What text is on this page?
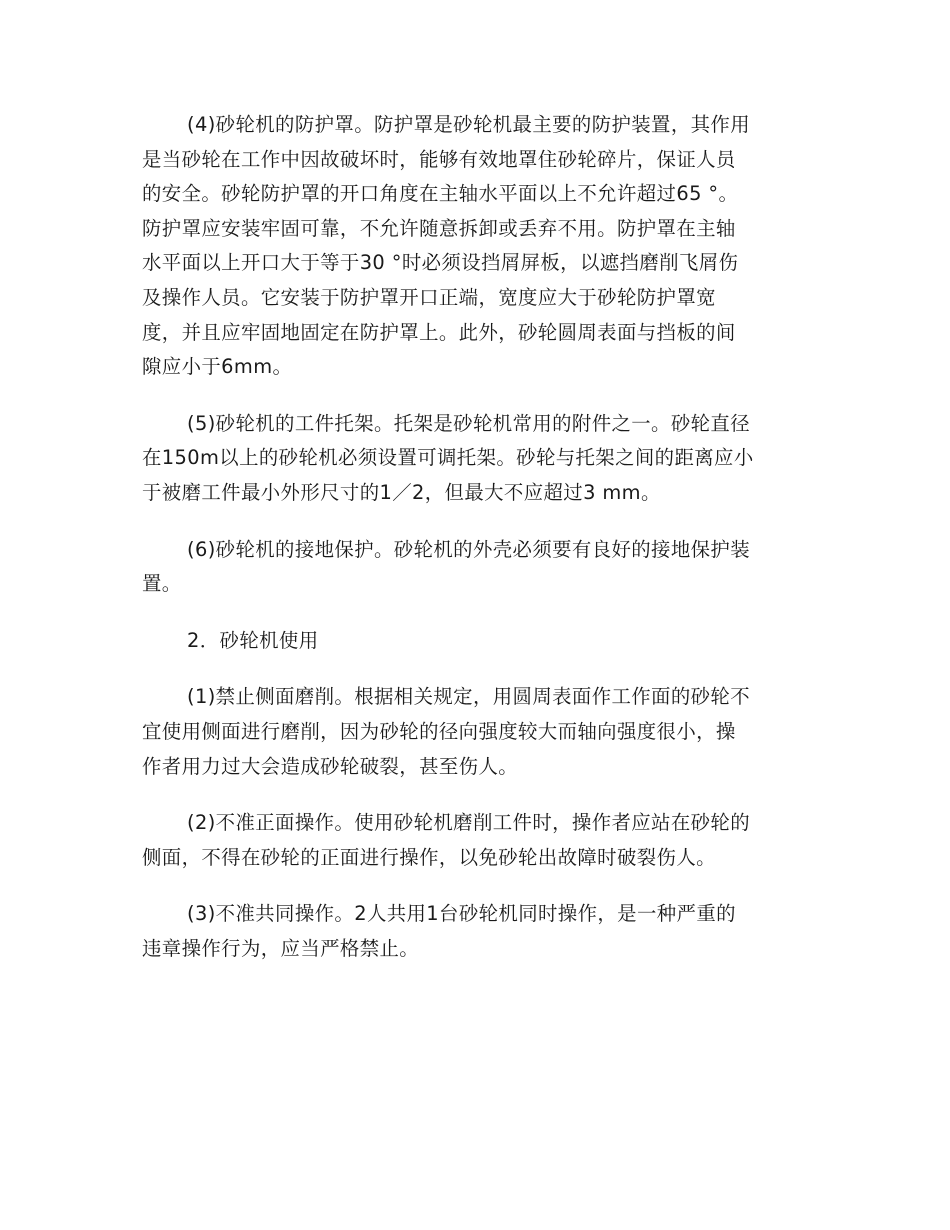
(4)砂轮机的防护罩。防护罩是砂轮机最主要的防护装置，其作用
是当砂轮在工作中因故破坏时，能够有效地罩住砂轮碎片，保证人员
的安全。砂轮防护罩的开口角度在主轴水平面以上不允许超过65 °。
防护罩应安装牢固可靠，不允许随意拆卸或丢弃不用。防护罩在主轴
水平面以上开口大于等于30 °时必须设挡屑屏板，以遮挡磨削飞屑伤
及操作人员。它安装于防护罩开口正端，宽度应大于砂轮防护罩宽
度，并且应牢固地固定在防护罩上。此外，砂轮圆周表面与挡板的间
隙应小于6mm。

(5)砂轮机的工件托架。托架是砂轮机常用的附件之一。砂轮直径
在150m以上的砂轮机必须设置可调托架。砂轮与托架之间的距离应小
于被磨工件最小外形尺寸的1／2，但最大不应超过3 mm。

(6)砂轮机的接地保护。砂轮机的外壳必须要有良好的接地保护装
置。

2．砂轮机使用

(1)禁止侧面磨削。根据相关规定，用圆周表面作工作面的砂轮不
宜使用侧面进行磨削，因为砂轮的径向强度较大而轴向强度很小，操
作者用力过大会造成砂轮破裂，甚至伤人。

(2)不准正面操作。使用砂轮机磨削工件时，操作者应站在砂轮的
侧面，不得在砂轮的正面进行操作，以免砂轮出故障时破裂伤人。

(3)不准共同操作。2人共用1台砂轮机同时操作，是一种严重的
违章操作行为，应当严格禁止。
